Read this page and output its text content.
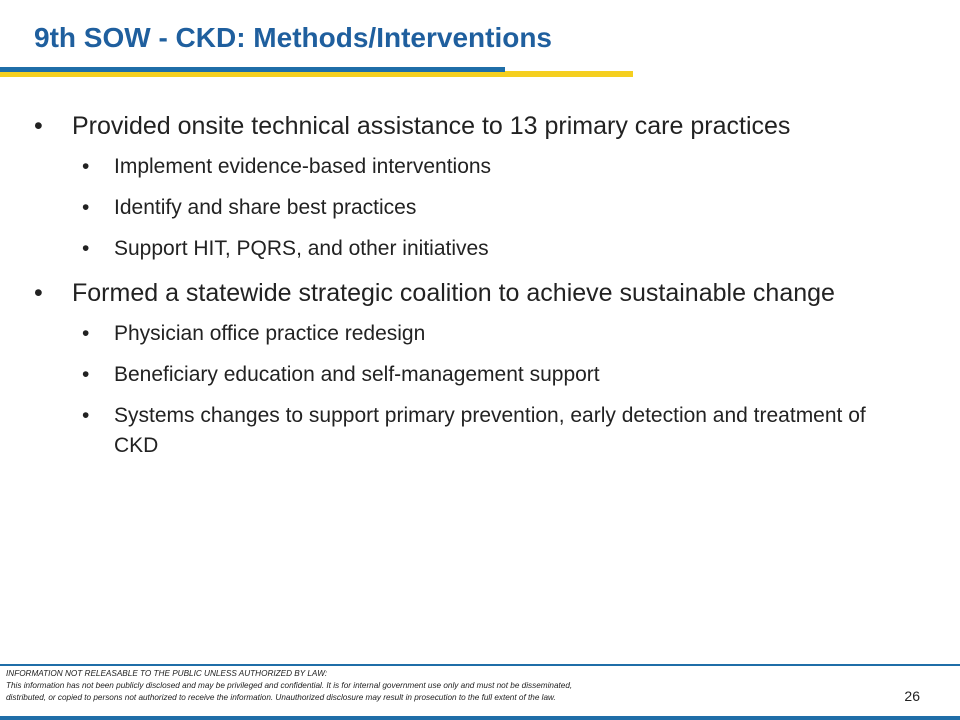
9th SOW - CKD: Methods/Interventions
• Provided onsite technical assistance to 13 primary care practices
• Implement evidence-based interventions
• Identify and share best practices
• Support HIT, PQRS, and other initiatives
• Formed a statewide strategic coalition to achieve sustainable change
• Physician office practice redesign
• Beneficiary education and self-management support
• Systems changes to support primary prevention, early detection and treatment of CKD
INFORMATION NOT RELEASABLE TO THE PUBLIC UNLESS AUTHORIZED BY LAW:
This information has not been publicly disclosed and may be privileged and confidential. It is for internal government use only and must not be disseminated,
distributed, or copied to persons not authorized to receive the information. Unauthorized disclosure may result in prosecution to the full extent of the law.	26
